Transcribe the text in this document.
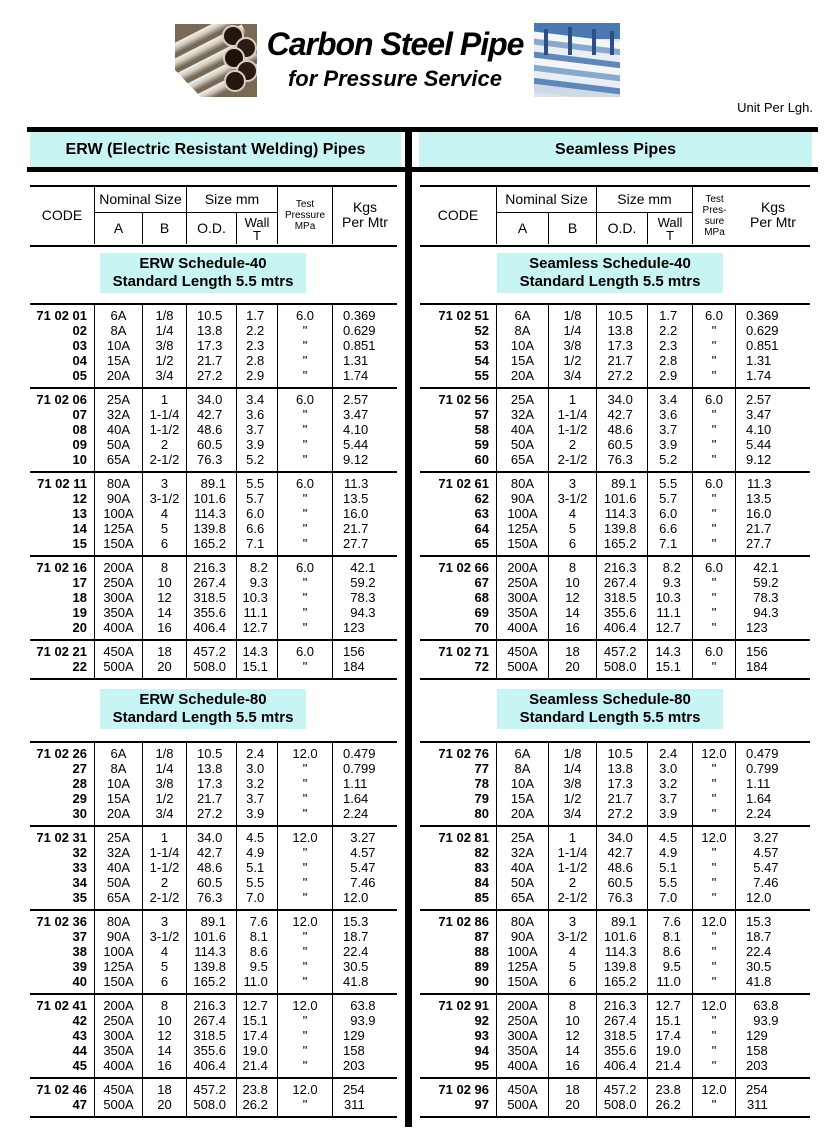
Carbon Steel Pipe
for Pressure Service
Unit Per Lgh.
ERW (Electric Resistant Welding) Pipes	Seamless Pipes
CODE
Nominal Size	Size mm
A	B	O.D.	Wall
T
Test
Pressure
MPa
Kgs
Per Mtr
ERW Schedule-40
Standard Length 5.5 mtrs
71 02 01	6A	1/8	10.5	1.7	6.0	0.369
02	8A	1/4	13.8	2.2	"	0.629
03	10A	3/8	17.3	2.3	"	0.851
04	15A	1/2	21.7	2.8	"	1.31
05	20A	3/4	27.2	2.9	"	1.74
71 02 06	25A	1	34.0	3.4	6.0	2.57
07	32A	1-1/4	42.7	3.6	"	3.47
08	40A	1-1/2	48.6	3.7	"	4.10
09	50A	2	60.5	3.9	"	5.44
10	65A	2-1/2	76.3	5.2	"	9.12
71 02 11	80A	3	89.1	5.5	6.0	11.3
12	90A	3-1/2	101.6	5.7	"	13.5
13	100A	4	114.3	6.0	"	16.0
14	125A	5	139.8	6.6	"	21.7
15	150A	6	165.2	7.1	"	27.7
71 02 16	200A	8	216.3	8.2	6.0	42.1
17	250A	10	267.4	9.3	"	59.2
18	300A	12	318.5	10.3	"	78.3
19	350A	14	355.6	11.1	"	94.3
20	400A	16	406.4	12.7	"	123
71 02 21	450A	18	457.2	14.3	6.0	156
22	500A	20	508.0	15.1	"	184
ERW Schedule-80
Standard Length 5.5 mtrs
71 02 26	6A	1/8	10.5	2.4	12.0	0.479
27	8A	1/4	13.8	3.0	"	0.799
28	10A	3/8	17.3	3.2	"	1.11
29	15A	1/2	21.7	3.7	"	1.64
30	20A	3/4	27.2	3.9	"	2.24
71 02 31	25A	1	34.0	4.5	12.0	3.27
32	32A	1-1/4	42.7	4.9	"	4.57
33	40A	1-1/2	48.6	5.1	"	5.47
34	50A	2	60.5	5.5	"	7.46
35	65A	2-1/2	76.3	7.0	"	12.0
71 02 36	80A	3	89.1	7.6	12.0	15.3
37	90A	3-1/2	101.6	8.1	"	18.7
38	100A	4	114.3	8.6	"	22.4
39	125A	5	139.8	9.5	"	30.5
40	150A	6	165.2	11.0	"	41.8
71 02 41	200A	8	216.3	12.7	12.0	63.8
42	250A	10	267.4	15.1	"	93.9
43	300A	12	318.5	17.4	"	129
44	350A	14	355.6	19.0	"	158
45	400A	16	406.4	21.4	"	203
71 02 46	450A	18	457.2	23.8	12.0	254
47	500A	20	508.0	26.2	"	311
CODE
Nominal Size	Size mm
A	B	O.D.	Wall
T
Test
Pres-
sure
MPa
Kgs
Per Mtr
Seamless Schedule-40
Standard Length 5.5 mtrs
71 02 51	6A	1/8	10.5	1.7	6.0	0.369
52	8A	1/4	13.8	2.2	"	0.629
53	10A	3/8	17.3	2.3	"	0.851
54	15A	1/2	21.7	2.8	"	1.31
55	20A	3/4	27.2	2.9	"	1.74
71 02 56	25A	1	34.0	3.4	6.0	2.57
57	32A	1-1/4	42.7	3.6	"	3.47
58	40A	1-1/2	48.6	3.7	"	4.10
59	50A	2	60.5	3.9	"	5.44
60	65A	2-1/2	76.3	5.2	"	9.12
71 02 61	80A	3	89.1	5.5	6.0	11.3
62	90A	3-1/2	101.6	5.7	"	13.5
63	100A	4	114.3	6.0	"	16.0
64	125A	5	139.8	6.6	"	21.7
65	150A	6	165.2	7.1	"	27.7
71 02 66	200A	8	216.3	8.2	6.0	42.1
67	250A	10	267.4	9.3	"	59.2
68	300A	12	318.5	10.3	"	78.3
69	350A	14	355.6	11.1	"	94.3
70	400A	16	406.4	12.7	"	123
71 02 71	450A	18	457.2	14.3	6.0	156
72	500A	20	508.0	15.1	"	184
Seamless Schedule-80
Standard Length 5.5 mtrs
71 02 76	6A	1/8	10.5	2.4	12.0	0.479
77	8A	1/4	13.8	3.0	"	0.799
78	10A	3/8	17.3	3.2	"	1.11
79	15A	1/2	21.7	3.7	"	1.64
80	20A	3/4	27.2	3.9	"	2.24
71 02 81	25A	1	34.0	4.5	12.0	3.27
82	32A	1-1/4	42.7	4.9	"	4.57
83	40A	1-1/2	48.6	5.1	"	5.47
84	50A	2	60.5	5.5	"	7.46
85	65A	2-1/2	76.3	7.0	"	12.0
71 02 86	80A	3	89.1	7.6	12.0	15.3
87	90A	3-1/2	101.6	8.1	"	18.7
88	100A	4	114.3	8.6	"	22.4
89	125A	5	139.8	9.5	"	30.5
90	150A	6	165.2	11.0	"	41.8
71 02 91	200A	8	216.3	12.7	12.0	63.8
92	250A	10	267.4	15.1	"	93.9
93	300A	12	318.5	17.4	"	129
94	350A	14	355.6	19.0	"	158
95	400A	16	406.4	21.4	"	203
71 02 96	450A	18	457.2	23.8	12.0	254
97	500A	20	508.0	26.2	"	311
